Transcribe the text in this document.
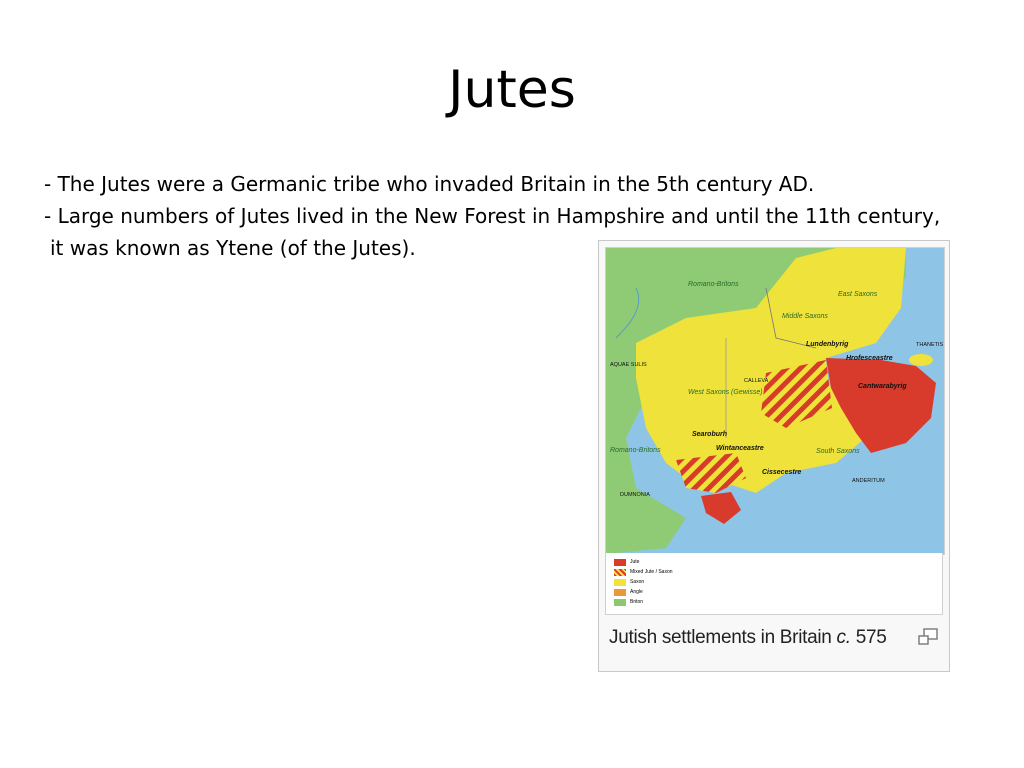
Jutes
- The Jutes were a Germanic tribe who invaded Britain in the 5th century AD.
- Large numbers of Jutes lived in the New Forest in Hampshire and until the 11th century,
it was known as Ytene (of the Jutes).
Romano-Britons
Romano-Britons
East Saxons
Middle Saxons
West Saxons (Gewisse)
South Saxons
Lundenbyrig
Hrofesceastre
Cantwarabyrig
Searoburh
Wintanceastre
Cissecestre
THANETIS
AQUAE SULIS
CALLEVA
ANDERITUM
DUMNONIA
Jute
Mixed Jute / Saxon
Saxon
Angle
Briton
Jutish settlements in Britain c. 575
